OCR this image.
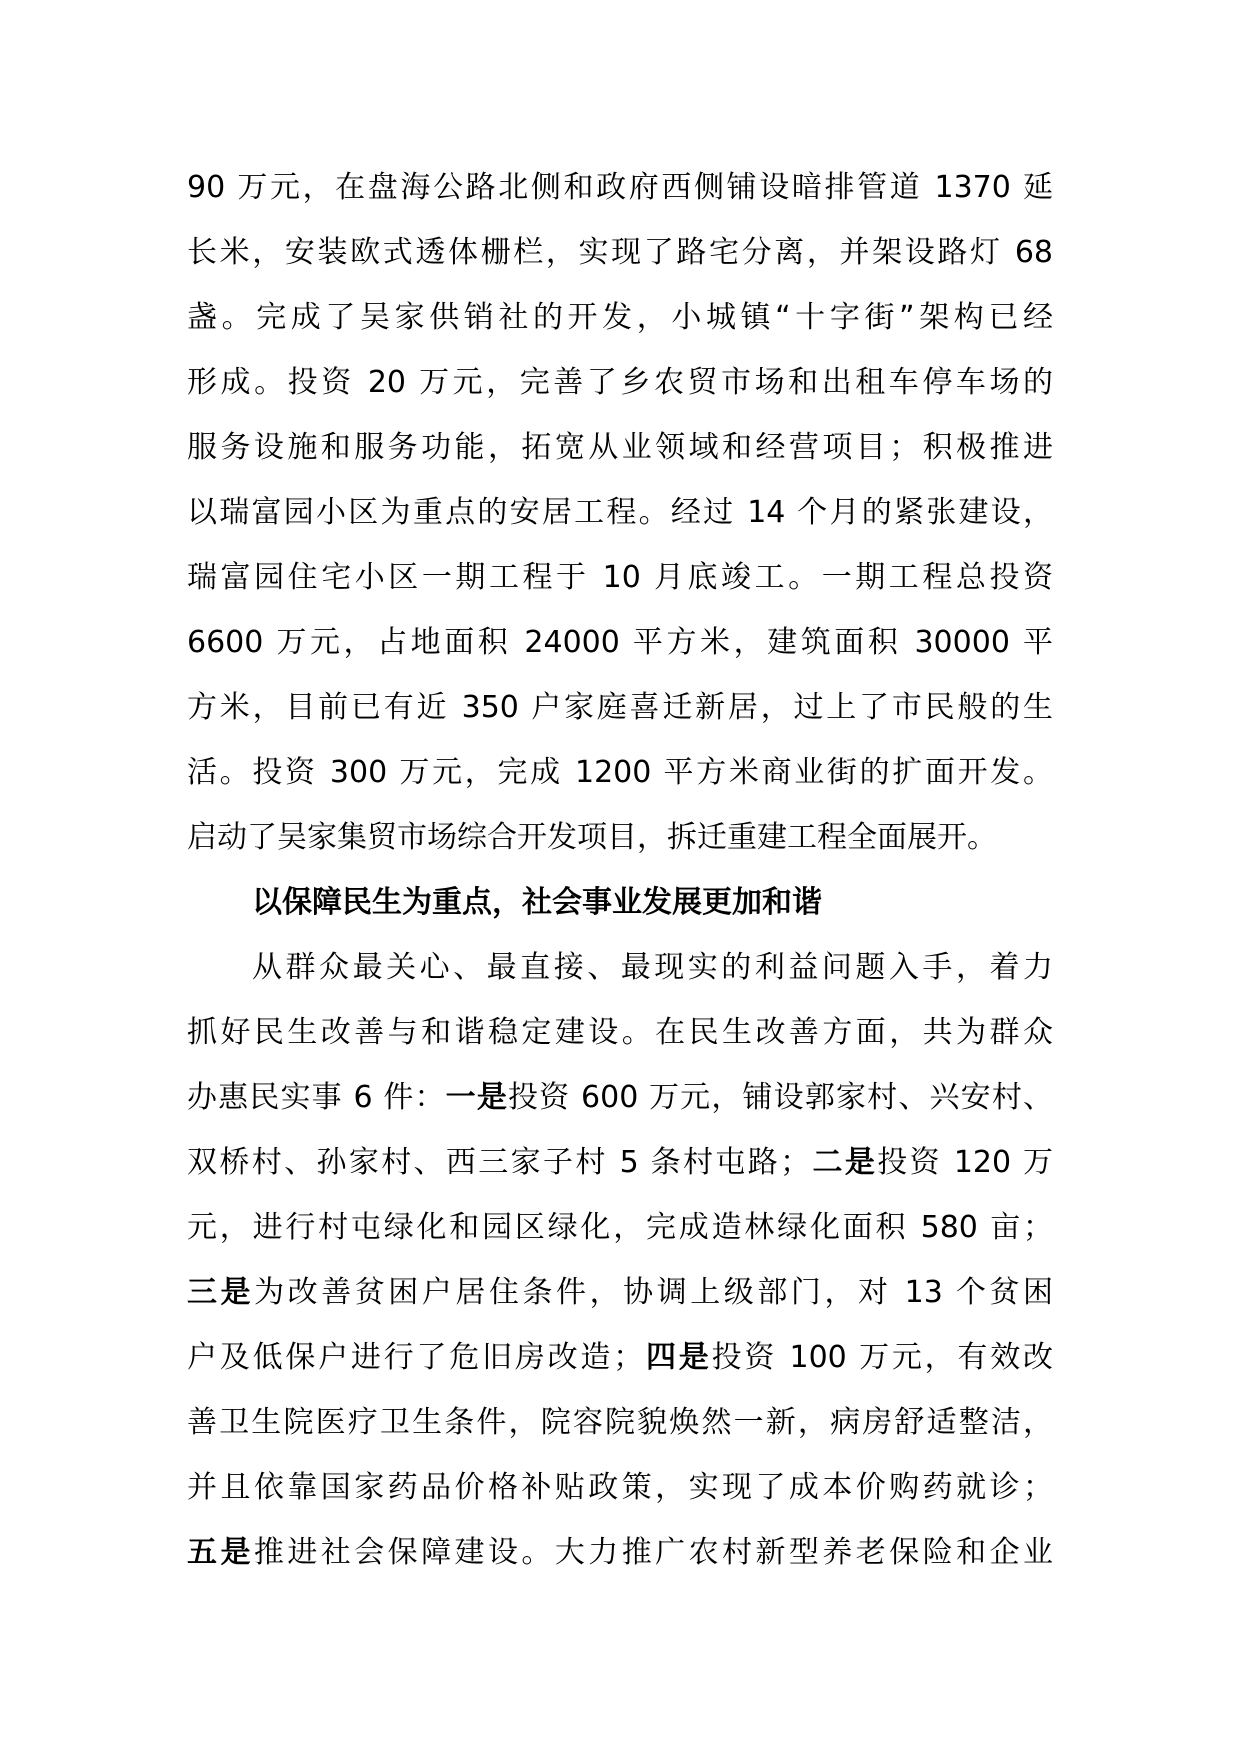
90 万元，在盘海公路北侧和政府西侧铺设暗排管道 1370 延
长米，安装欧式透体栅栏，实现了路宅分离，并架设路灯 68
盏。完成了吴家供销社的开发，小城镇“十字街”架构已经
形成。投资 20 万元，完善了乡农贸市场和出租车停车场的
服务设施和服务功能，拓宽从业领域和经营项目；积极推进
以瑞富园小区为重点的安居工程。经过 14 个月的紧张建设，
瑞富园住宅小区一期工程于 10 月底竣工。一期工程总投资
6600 万元，占地面积 24000 平方米，建筑面积 30000 平
方米，目前已有近 350 户家庭喜迁新居，过上了市民般的生
活。投资 300 万元，完成 1200 平方米商业街的扩面开发。
启动了吴家集贸市场综合开发项目，拆迁重建工程全面展开。
以保障民生为重点，社会事业发展更加和谐
从群众最关心、最直接、最现实的利益问题入手，着力
抓好民生改善与和谐稳定建设。在民生改善方面，共为群众
办惠民实事 6 件：一是投资 600 万元，铺设郭家村、兴安村、
双桥村、孙家村、西三家子村 5 条村屯路；二是投资 120 万
元，进行村屯绿化和园区绿化，完成造林绿化面积 580 亩；
三是为改善贫困户居住条件，协调上级部门，对 13 个贫困
户及低保户进行了危旧房改造；四是投资 100 万元，有效改
善卫生院医疗卫生条件，院容院貌焕然一新，病房舒适整洁，
并且依靠国家药品价格补贴政策，实现了成本价购药就诊；
五是推进社会保障建设。大力推广农村新型养老保险和企业
